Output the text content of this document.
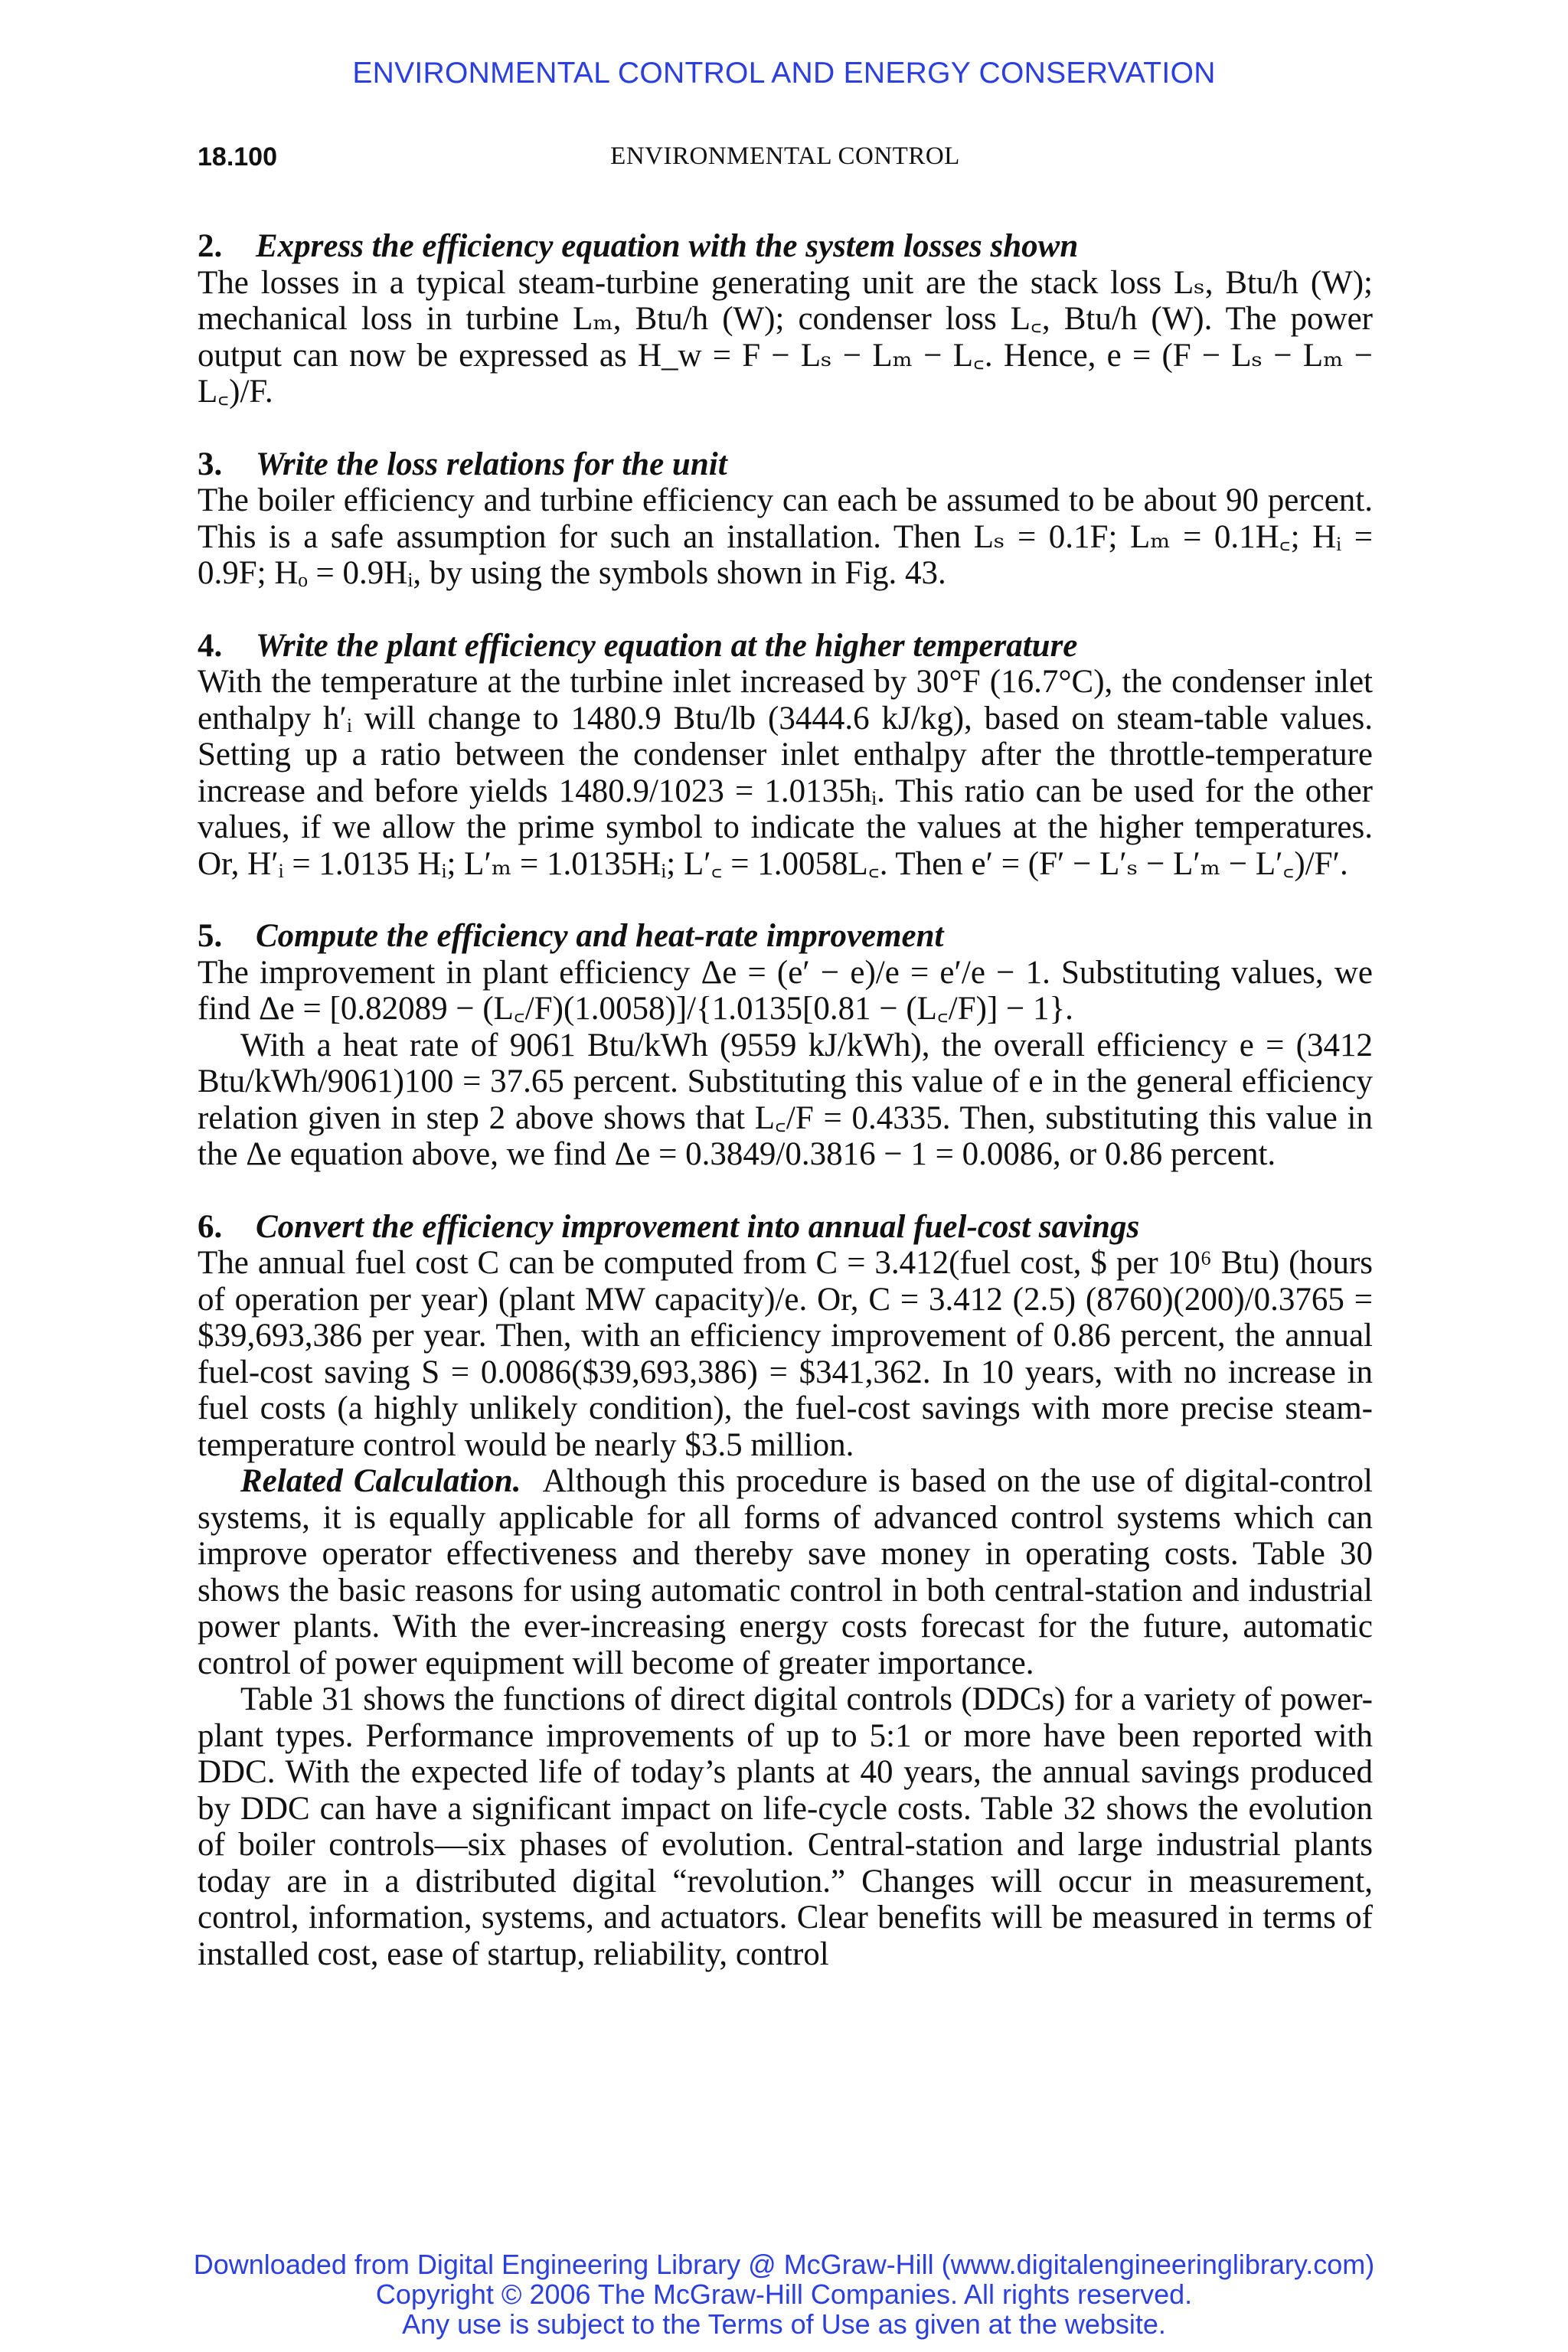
ENVIRONMENTAL CONTROL AND ENERGY CONSERVATION
18.100	ENVIRONMENTAL CONTROL
2. Express the efficiency equation with the system losses shown

The losses in a typical steam-turbine generating unit are the stack loss Lₛ, Btu/h (W); mechanical loss in turbine Lₘ, Btu/h (W); condenser loss L꜀, Btu/h (W). The power output can now be expressed as H_w = F − Lₛ − Lₘ − L꜀. Hence, e = (F − Lₛ − Lₘ − L꜀)/F.

3. Write the loss relations for the unit

The boiler efficiency and turbine efficiency can each be assumed to be about 90 percent. This is a safe assumption for such an installation. Then Lₛ = 0.1F; Lₘ = 0.1H꜀; Hᵢ = 0.9F; Hₒ = 0.9Hᵢ, by using the symbols shown in Fig. 43.

4. Write the plant efficiency equation at the higher temperature

With the temperature at the turbine inlet increased by 30°F (16.7°C), the condenser inlet enthalpy h′ᵢ will change to 1480.9 Btu/lb (3444.6 kJ/kg), based on steam-table values. Setting up a ratio between the condenser inlet enthalpy after the throttle-temperature increase and before yields 1480.9/1023 = 1.0135hᵢ. This ratio can be used for the other values, if we allow the prime symbol to indicate the values at the higher temperatures. Or, H′ᵢ = 1.0135 Hᵢ; L′ₘ = 1.0135Hᵢ; L′꜀ = 1.0058L꜀. Then e′ = (F′ − L′ₛ − L′ₘ − L′꜀)/F′.

5. Compute the efficiency and heat-rate improvement

The improvement in plant efficiency Δe = (e′ − e)/e = e′/e − 1. Substituting values, we find Δe = [0.82089 − (L꜀/F)(1.0058)]/{1.0135[0.81 − (L꜀/F)] − 1}.

With a heat rate of 9061 Btu/kWh (9559 kJ/kWh), the overall efficiency e = (3412 Btu/kWh/9061)100 = 37.65 percent. Substituting this value of e in the general efficiency relation given in step 2 above shows that L꜀/F = 0.4335. Then, substituting this value in the Δe equation above, we find Δe = 0.3849/0.3816 − 1 = 0.0086, or 0.86 percent.

6. Convert the efficiency improvement into annual fuel-cost savings

The annual fuel cost C can be computed from C = 3.412(fuel cost, $ per 10⁶ Btu) (hours of operation per year) (plant MW capacity)/e. Or, C = 3.412 (2.5) (8760)(200)/0.3765 = $39,693,386 per year. Then, with an efficiency improvement of 0.86 percent, the annual fuel-cost saving S = 0.0086($39,693,386) = $341,362. In 10 years, with no increase in fuel costs (a highly unlikely condition), the fuel-cost savings with more precise steam-temperature control would be nearly $3.5 million.

Related Calculation. Although this procedure is based on the use of digital-control systems, it is equally applicable for all forms of advanced control systems which can improve operator effectiveness and thereby save money in operating costs. Table 30 shows the basic reasons for using automatic control in both central-station and industrial power plants. With the ever-increasing energy costs forecast for the future, automatic control of power equipment will become of greater importance.

Table 31 shows the functions of direct digital controls (DDCs) for a variety of power-plant types. Performance improvements of up to 5:1 or more have been reported with DDC. With the expected life of today’s plants at 40 years, the annual savings produced by DDC can have a significant impact on life-cycle costs. Table 32 shows the evolution of boiler controls—six phases of evolution. Central-station and large industrial plants today are in a distributed digital “revolution.” Changes will occur in measurement, control, information, systems, and actuators. Clear benefits will be measured in terms of installed cost, ease of startup, reliability, control

Downloaded from Digital Engineering Library @ McGraw-Hill (www.digitalengineeringlibrary.com)
Copyright © 2006 The McGraw-Hill Companies. All rights reserved.
Any use is subject to the Terms of Use as given at the website.
